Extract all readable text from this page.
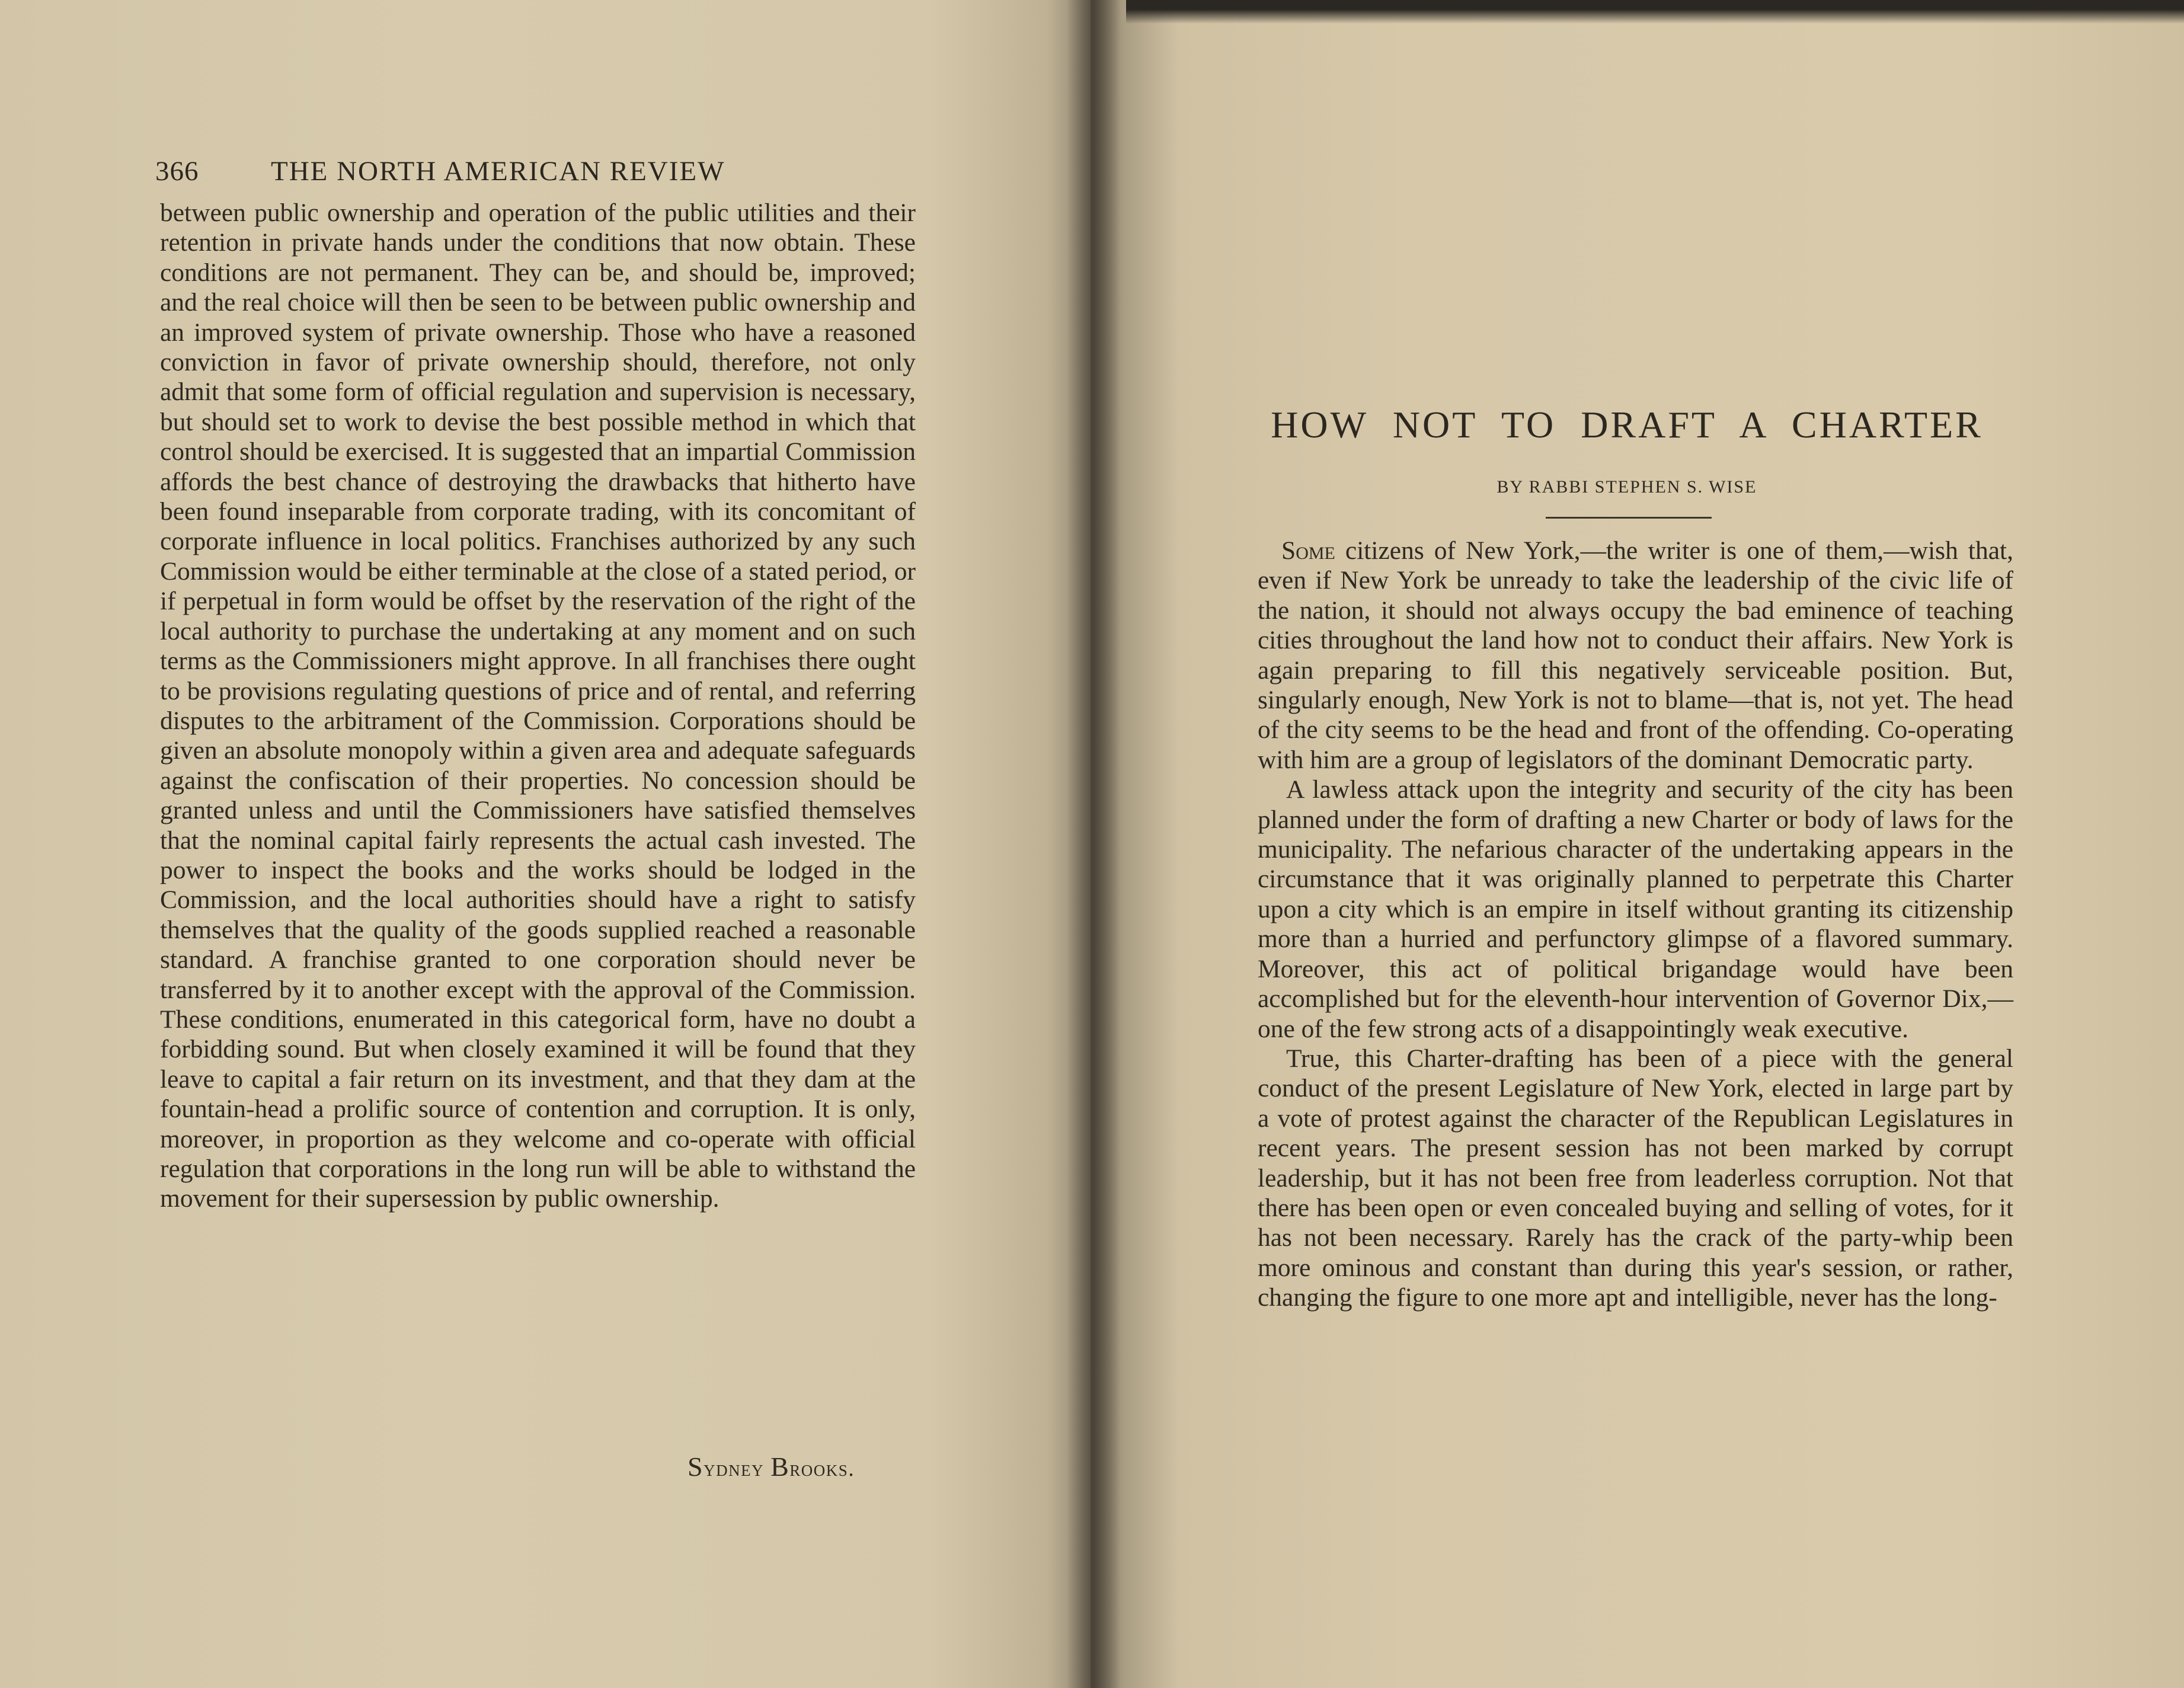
366	THE NORTH AMERICAN REVIEW

between public ownership and operation of the public utilities and their retention in private hands under the conditions that now obtain. These conditions are not permanent. They can be, and should be, improved; and the real choice will then be seen to be between public ownership and an improved system of private ownership. Those who have a reasoned conviction in favor of private ownership should, therefore, not only admit that some form of official regulation and supervision is necessary, but should set to work to devise the best possible method in which that control should be exercised. It is suggested that an impartial Commission affords the best chance of destroying the drawbacks that hitherto have been found inseparable from corporate trading, with its concomitant of corporate influence in local politics. Franchises authorized by any such Commission would be either terminable at the close of a stated period, or if perpetual in form would be offset by the reservation of the right of the local authority to purchase the undertaking at any moment and on such terms as the Commissioners might approve. In all franchises there ought to be provisions regulating questions of price and of rental, and referring disputes to the arbitrament of the Commission. Corporations should be given an absolute monopoly within a given area and adequate safeguards against the confiscation of their properties. No concession should be granted unless and until the Commissioners have satisfied themselves that the nominal capital fairly represents the actual cash invested. The power to inspect the books and the works should be lodged in the Commission, and the local authorities should have a right to satisfy themselves that the quality of the goods supplied reached a reasonable standard. A franchise granted to one corporation should never be transferred by it to another except with the approval of the Commission. These conditions, enumerated in this categorical form, have no doubt a forbidding sound. But when closely examined it will be found that they leave to capital a fair return on its investment, and that they dam at the fountain-head a prolific source of contention and corruption. It is only, moreover, in proportion as they welcome and co-operate with official regulation that corporations in the long run will be able to withstand the movement for their supersession by public ownership.

Sydney Brooks.
HOW NOT TO DRAFT A CHARTER
BY RABBI STEPHEN S. WISE

Some citizens of New York,—the writer is one of them,—wish that, even if New York be unready to take the leadership of the civic life of the nation, it should not always occupy the bad eminence of teaching cities throughout the land how not to conduct their affairs. New York is again preparing to fill this negatively serviceable position. But, singularly enough, New York is not to blame—that is, not yet. The head of the city seems to be the head and front of the offending. Co-operating with him are a group of legislators of the dominant Democratic party.

A lawless attack upon the integrity and security of the city has been planned under the form of drafting a new Charter or body of laws for the municipality. The nefarious character of the undertaking appears in the circumstance that it was originally planned to perpetrate this Charter upon a city which is an empire in itself without granting its citizenship more than a hurried and perfunctory glimpse of a flavored summary. Moreover, this act of political brigandage would have been accomplished but for the eleventh-hour intervention of Governor Dix,—one of the few strong acts of a disappointingly weak executive.

True, this Charter-drafting has been of a piece with the general conduct of the present Legislature of New York, elected in large part by a vote of protest against the character of the Republican Legislatures in recent years. The present session has not been marked by corrupt leadership, but it has not been free from leaderless corruption. Not that there has been open or even concealed buying and selling of votes, for it has not been necessary. Rarely has the crack of the party-whip been more ominous and constant than during this year's session, or rather, changing the figure to one more apt and intelligible, never has the long-
